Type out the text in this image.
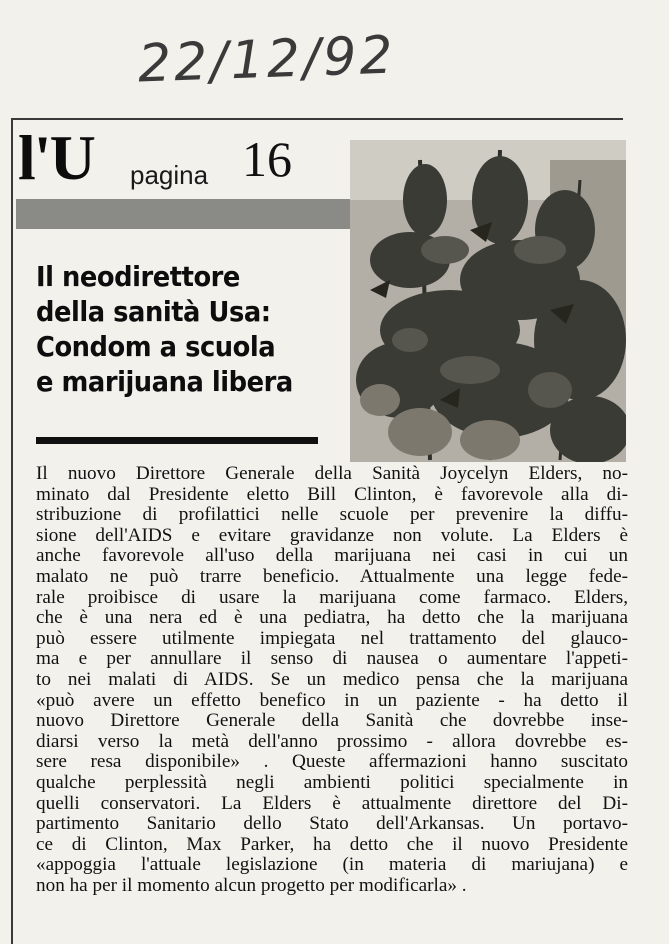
22/12/92
l'U pagina 16
Il neodirettore
della sanità Usa:
Condom a scuola
e marijuana libera
Il nuovo Direttore Generale della Sanità Joycelyn Elders, no-
minato dal Presidente eletto Bill Clinton, è favorevole alla di-
stribuzione di profilattici nelle scuole per prevenire la diffu-
sione dell'AIDS e evitare gravidanze non volute. La Elders è
anche favorevole all'uso della marijuana nei casi in cui un
malato ne può trarre beneficio. Attualmente una legge fede-
rale proibisce di usare la marijuana come farmaco. Elders,
che è una nera ed è una pediatra, ha detto che la marijuana
può essere utilmente impiegata nel trattamento del glauco-
ma e per annullare il senso di nausea o aumentare l'appeti-
to nei malati di AIDS. Se un medico pensa che la marijuana
«può avere un effetto benefico in un paziente - ha detto il
nuovo Direttore Generale della Sanità che dovrebbe inse-
diarsi verso la metà dell'anno prossimo - allora dovrebbe es-
sere resa disponibile» . Queste affermazioni hanno suscitato
qualche perplessità negli ambienti politici specialmente in
quelli conservatori. La Elders è attualmente direttore del Di-
partimento Sanitario dello Stato dell'Arkansas. Un portavo-
ce di Clinton, Max Parker, ha detto che il nuovo Presidente
«appoggia l'attuale legislazione (in materia di mariujana) e
non ha per il momento alcun progetto per modificarla» .
